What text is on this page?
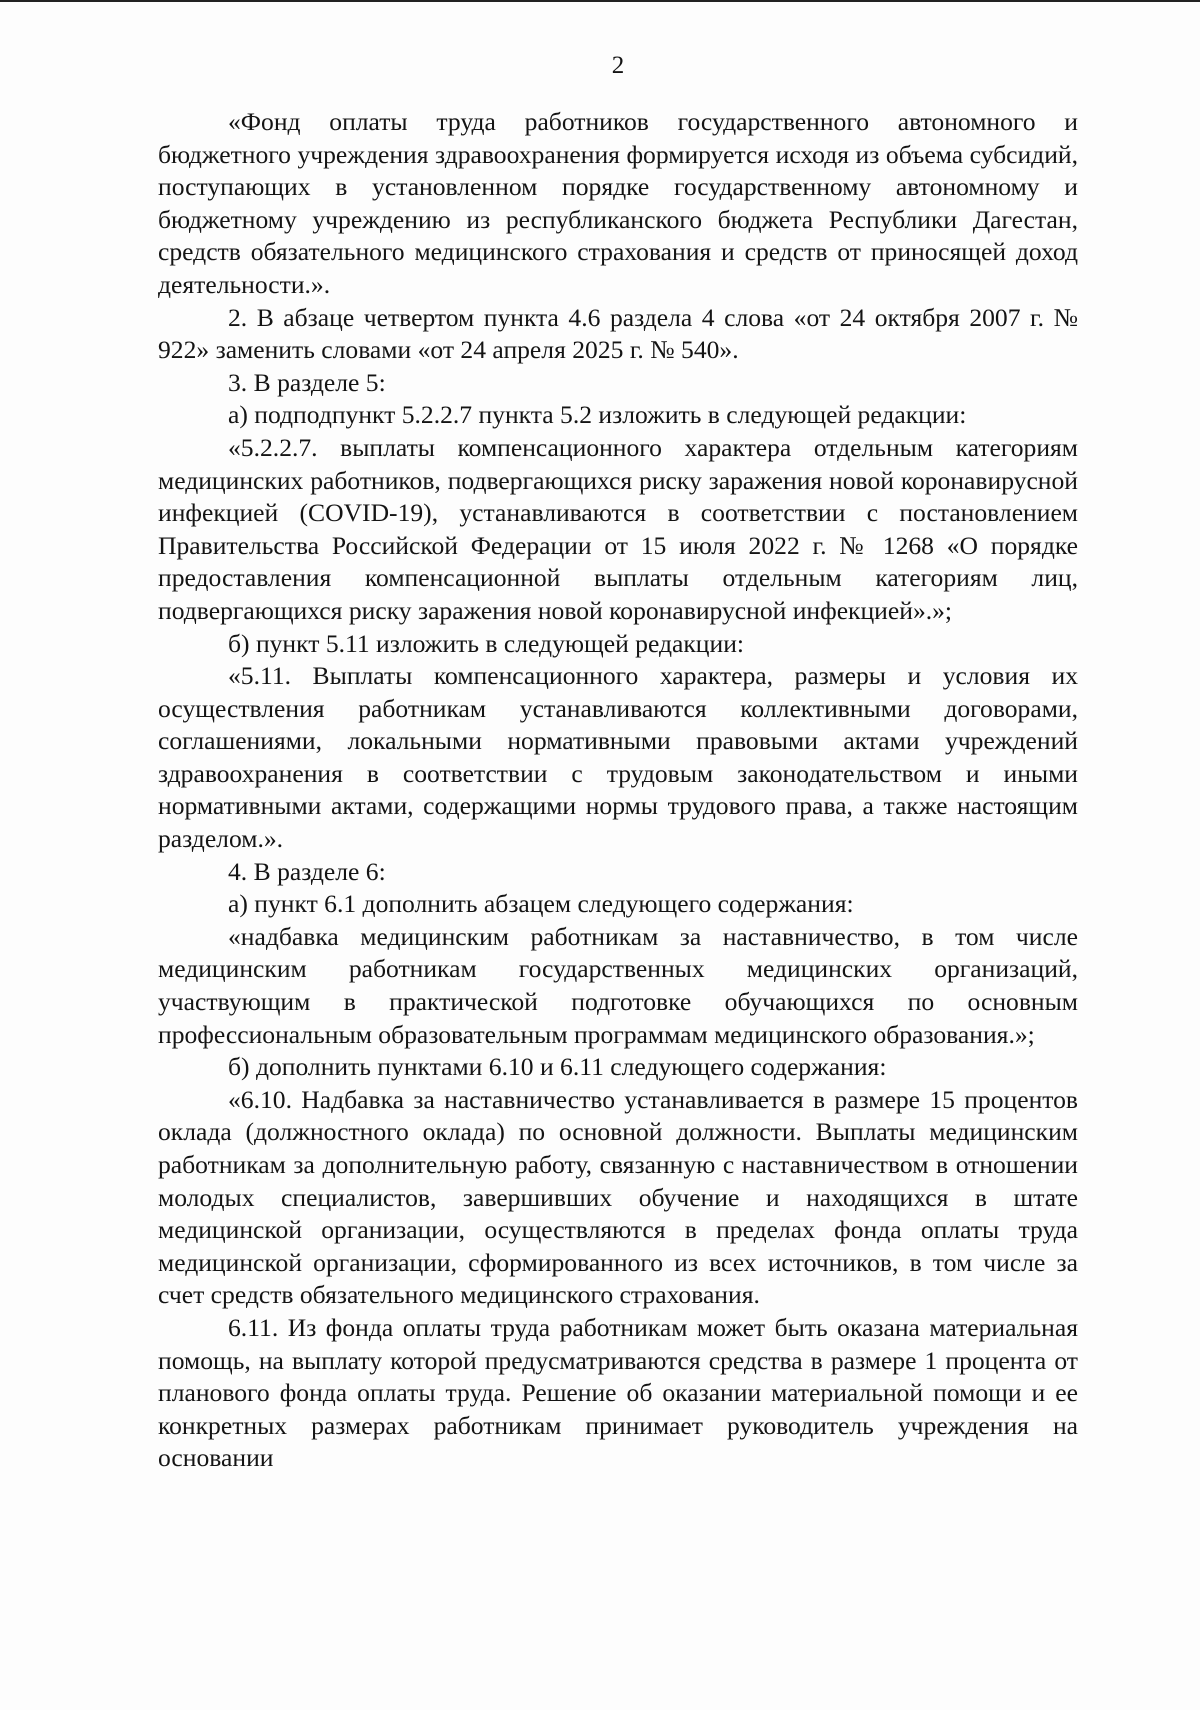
2

«Фонд оплаты труда работников государственного автономного и бюджетного учреждения здравоохранения формируется исходя из объема субсидий, поступающих в установленном порядке государственному автономному и бюджетному учреждению из республиканского бюджета Республики Дагестан, средств обязательного медицинского страхования и средств от приносящей доход деятельности.».

2. В абзаце четвертом пункта 4.6 раздела 4 слова «от 24 октября 2007 г. № 922» заменить словами «от 24 апреля 2025 г. № 540».

3. В разделе 5:

а) подподпункт 5.2.2.7 пункта 5.2 изложить в следующей редакции:

«5.2.2.7. выплаты компенсационного характера отдельным категориям медицинских работников, подвергающихся риску заражения новой коронавирусной инфекцией (COVID-19), устанавливаются в соответствии с постановлением Правительства Российской Федерации от 15 июля 2022 г. № 1268 «О порядке предоставления компенсационной выплаты отдельным категориям лиц, подвергающихся риску заражения новой коронавирусной инфекцией».»;

б) пункт 5.11 изложить в следующей редакции:

«5.11. Выплаты компенсационного характера, размеры и условия их осуществления работникам устанавливаются коллективными договорами, соглашениями, локальными нормативными правовыми актами учреждений здравоохранения в соответствии с трудовым законодательством и иными нормативными актами, содержащими нормы трудового права, а также настоящим разделом.».

4. В разделе 6:

а) пункт 6.1 дополнить абзацем следующего содержания:

«надбавка медицинским работникам за наставничество, в том числе медицинским работникам государственных медицинских организаций, участвующим в практической подготовке обучающихся по основным профессиональным образовательным программам медицинского образования.»;

б) дополнить пунктами 6.10 и 6.11 следующего содержания:

«6.10. Надбавка за наставничество устанавливается в размере 15 процентов оклада (должностного оклада) по основной должности. Выплаты медицинским работникам за дополнительную работу, связанную с наставничеством в отношении молодых специалистов, завершивших обучение и находящихся в штате медицинской организации, осуществляются в пределах фонда оплаты труда медицинской организации, сформированного из всех источников, в том числе за счет средств обязательного медицинского страхования.

6.11. Из фонда оплаты труда работникам может быть оказана материальная помощь, на выплату которой предусматриваются средства в размере 1 процента от планового фонда оплаты труда. Решение об оказании материальной помощи и ее конкретных размерах работникам принимает руководитель учреждения на основании
